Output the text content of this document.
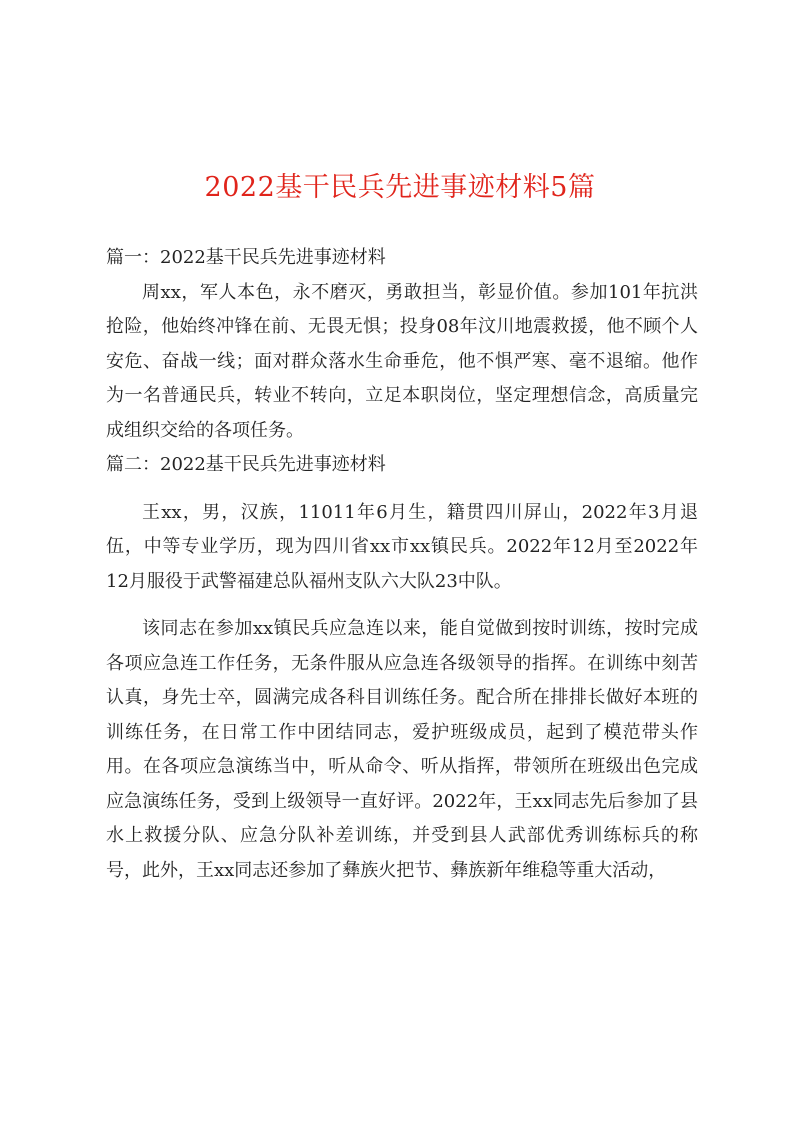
2022基干民兵先进事迹材料5篇

篇一：2022基干民兵先进事迹材料

周xx，军人本色，永不磨灭，勇敢担当，彰显价值。参加101年抗洪抢险，他始终冲锋在前、无畏无惧；投身08年汶川地震救援，他不顾个人安危、奋战一线；面对群众落水生命垂危，他不惧严寒、毫不退缩。他作为一名普通民兵，转业不转向，立足本职岗位，坚定理想信念，高质量完成组织交给的各项任务。

篇二：2022基干民兵先进事迹材料

王xx，男，汉族，11011年6月生，籍贯四川屏山，2022年3月退伍，中等专业学历，现为四川省xx市xx镇民兵。2022年12月至2022年12月服役于武警福建总队福州支队六大队23中队。

该同志在参加xx镇民兵应急连以来，能自觉做到按时训练，按时完成各项应急连工作任务，无条件服从应急连各级领导的指挥。在训练中刻苦认真，身先士卒，圆满完成各科目训练任务。配合所在排排长做好本班的训练任务，在日常工作中团结同志，爱护班级成员，起到了模范带头作用。在各项应急演练当中，听从命令、听从指挥，带领所在班级出色完成应急演练任务，受到上级领导一直好评。2022年，王xx同志先后参加了县水上救援分队、应急分队补差训练，并受到县人武部优秀训练标兵的称号，此外，王xx同志还参加了彝族火把节、彝族新年维稳等重大活动，
